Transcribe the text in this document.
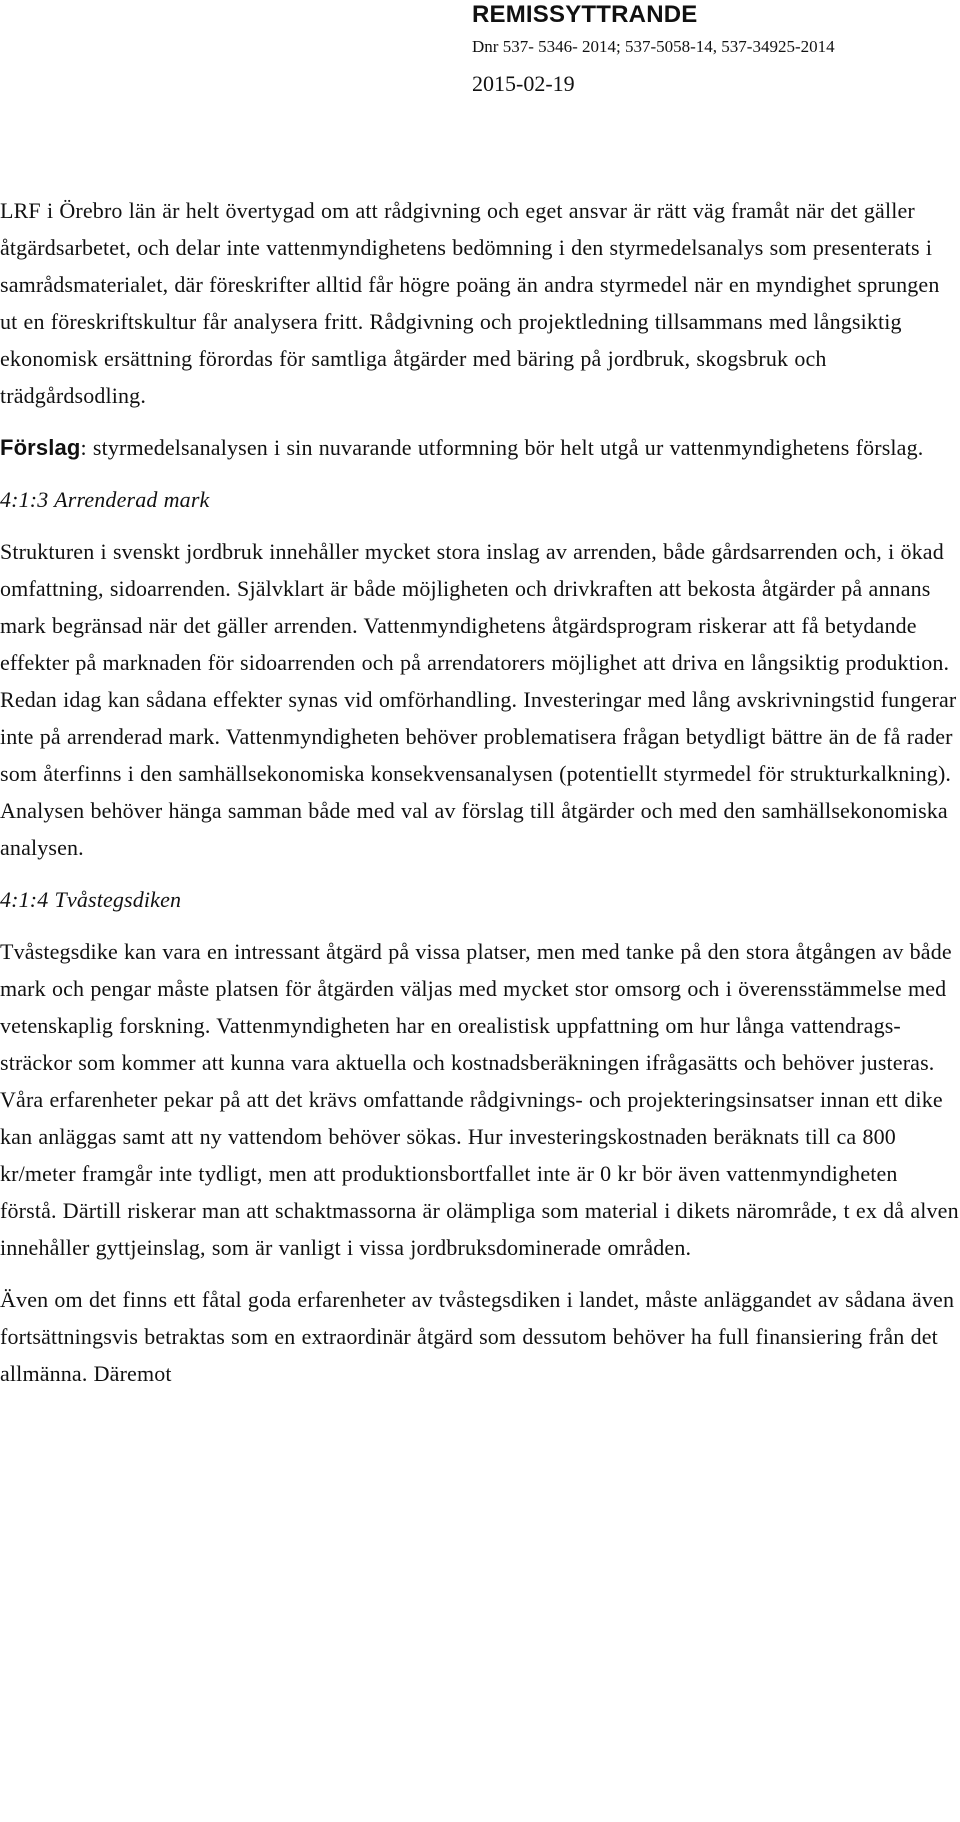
REMISSYTTRANDE
Dnr 537- 5346- 2014; 537-5058-14, 537-34925-2014
2015-02-19

LRF i Örebro län är helt övertygad om att rådgivning och eget ansvar är rätt väg framåt när det gäller åtgärdsarbetet, och delar inte vattenmyndighetens bedömning i den styrmedelsanalys som presenterats i samrådsmaterialet, där föreskrifter alltid får högre poäng än andra styrmedel när en myndighet sprungen ut en föreskriftskultur får analysera fritt. Rådgivning och projektledning tillsammans med långsiktig ekonomisk ersättning förordas för samtliga åtgärder med bäring på jordbruk, skogsbruk och trädgårdsodling.

Förslag: styrmedelsanalysen i sin nuvarande utformning bör helt utgå ur vattenmyndighetens förslag.

4:1:3 Arrenderad mark

Strukturen i svenskt jordbruk innehåller mycket stora inslag av arrenden, både gårdsarrenden och, i ökad omfattning, sidoarrenden. Självklart är både möjligheten och drivkraften att bekosta åtgärder på annans mark begränsad när det gäller arrenden. Vattenmyndighetens åtgärdsprogram riskerar att få betydande effekter på marknaden för sidoarrenden och på arrendatorers möjlighet att driva en långsiktig produktion. Redan idag kan sådana effekter synas vid omförhandling. Investeringar med lång avskrivningstid fungerar inte på arrenderad mark. Vattenmyndigheten behöver problematisera frågan betydligt bättre än de få rader som återfinns i den samhällsekonomiska konsekvensanalysen (potentiellt styrmedel för strukturkalkning). Analysen behöver hänga samman både med val av förslag till åtgärder och med den samhällsekonomiska analysen.

4:1:4 Tvåstegsdiken

Tvåstegsdike kan vara en intressant åtgärd på vissa platser, men med tanke på den stora åtgången av både mark och pengar måste platsen för åtgärden väljas med mycket stor omsorg och i överensstämmelse med vetenskaplig forskning. Vattenmyndigheten har en orealistisk uppfattning om hur långa vattendrags-sträckor som kommer att kunna vara aktuella och kostnadsberäkningen ifrågasätts och behöver justeras. Våra erfarenheter pekar på att det krävs omfattande rådgivnings- och projekteringsinsatser innan ett dike kan anläggas samt att ny vattendom behöver sökas. Hur investeringskostnaden beräknats till ca 800 kr/meter framgår inte tydligt, men att produktionsbortfallet inte är 0 kr bör även vattenmyndigheten förstå. Därtill riskerar man att schaktmassorna är olämpliga som material i dikets närområde, t ex då alven innehåller gyttjeinslag, som är vanligt i vissa jordbruksdominerade områden.

Även om det finns ett fåtal goda erfarenheter av tvåstegsdiken i landet, måste anläggandet av sådana även fortsättningsvis betraktas som en extraordinär åtgärd som dessutom behöver ha full finansiering från det allmänna. Däremot
